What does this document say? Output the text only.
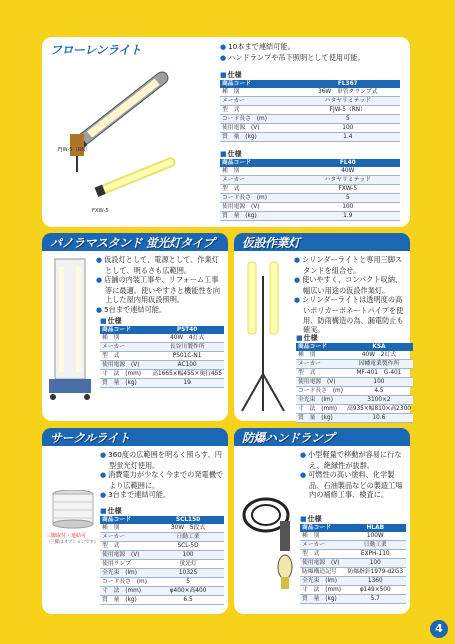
フローレンライト
FJW-5（RN）
FXW-5
● 10本まで連結可能。
● ハンドランプや吊下照明として使用可能。
■ 仕様
商品コード	FL367
種　別	36W　単管クランプ式
メーカー	ハタヤリミテッド
型　式	FJW-5（RN）
コード長さ　(m)	5
使用電源　(V)	100
質　量　(kg)	1.4
■ 仕様
商品コード	FL40
種　別	40W
メーカー	ハタヤリミテッド
型　式	FXW-5
コード長さ　(m)	5
使用電源　(V)	100
質　量　(kg)	1.9
パノラマスタンド 蛍光灯タイプ
● 仮設灯として、電源として、作業灯として、明るさも広範囲。
● 店舗の内装工事や、リフォーム工事等に最適。使いやすさと機能性を向上した屋内用仮設照明。
● 5台まで連結可能。
■ 仕様
商品コード	PST40
種　別	40W　4灯式
メーカー	長谷川製作所
型　式	PS01C-N1
使用電源　(V)	AC100
寸　法　(mm)	高1665×幅455×奥行455
質　量　(kg)	19
仮設作業灯
● シリンダーライトと専用三脚スタンドを組合せ。
● 使いやすく、コンパクト収納、幅広い用途の仮設作業灯。
● シリンダーライトは透明度の高いポリカーボネートパイプを使用、防雨構造の為、漏電防止も確実。
■ 仕様
商品コード	KSA
種　別	40W　2灯式
メーカー	因幡電業製作所
型　式	MF-401　G-401
使用電源　(V)	100
コード長さ　(m)	4.5
全光束　(lm)	3100×2
寸　法　(mm)	高935×幅810×高2300
質　量　(kg)	10.6
サークルライト
三脚取付・連結可
（三脚はオプションです）
● 360度の広範囲を明るく照らす、円型蛍光灯使用。
● 消費電力が少なく今までの発電機でより広範囲に。
● 3台まで連結可能。
■ 仕様
商品コード	SCL150
種　別	30W　5段式
メーカー	日動工業
型　式	SCL-5D
使用電源　(V)	100
使用ランプ	蛍光灯
全光束　(lm)	10325
コード長さ　(m)	5
寸　法　(mm)	φ400×高400
質　量　(kg)	6.5
防爆ハンドランプ
● 小型軽量で移動が容易に行なえ、絶縁性が抜群。
● 可燃性の高い塗料、化学製品、石油製品などの製造工場内の補修工事、検査に。
■ 仕様
商品コード	HLAB
種　別	100W
メーカー	日動工業
型　式	EXPH-110
使用電源　(V)	100
防爆構造記号	防爆指針1979-d2G3
全光束　(lm)	1360
寸　法　(mm)	φ149×500
質　量　(kg)	5.7
4
